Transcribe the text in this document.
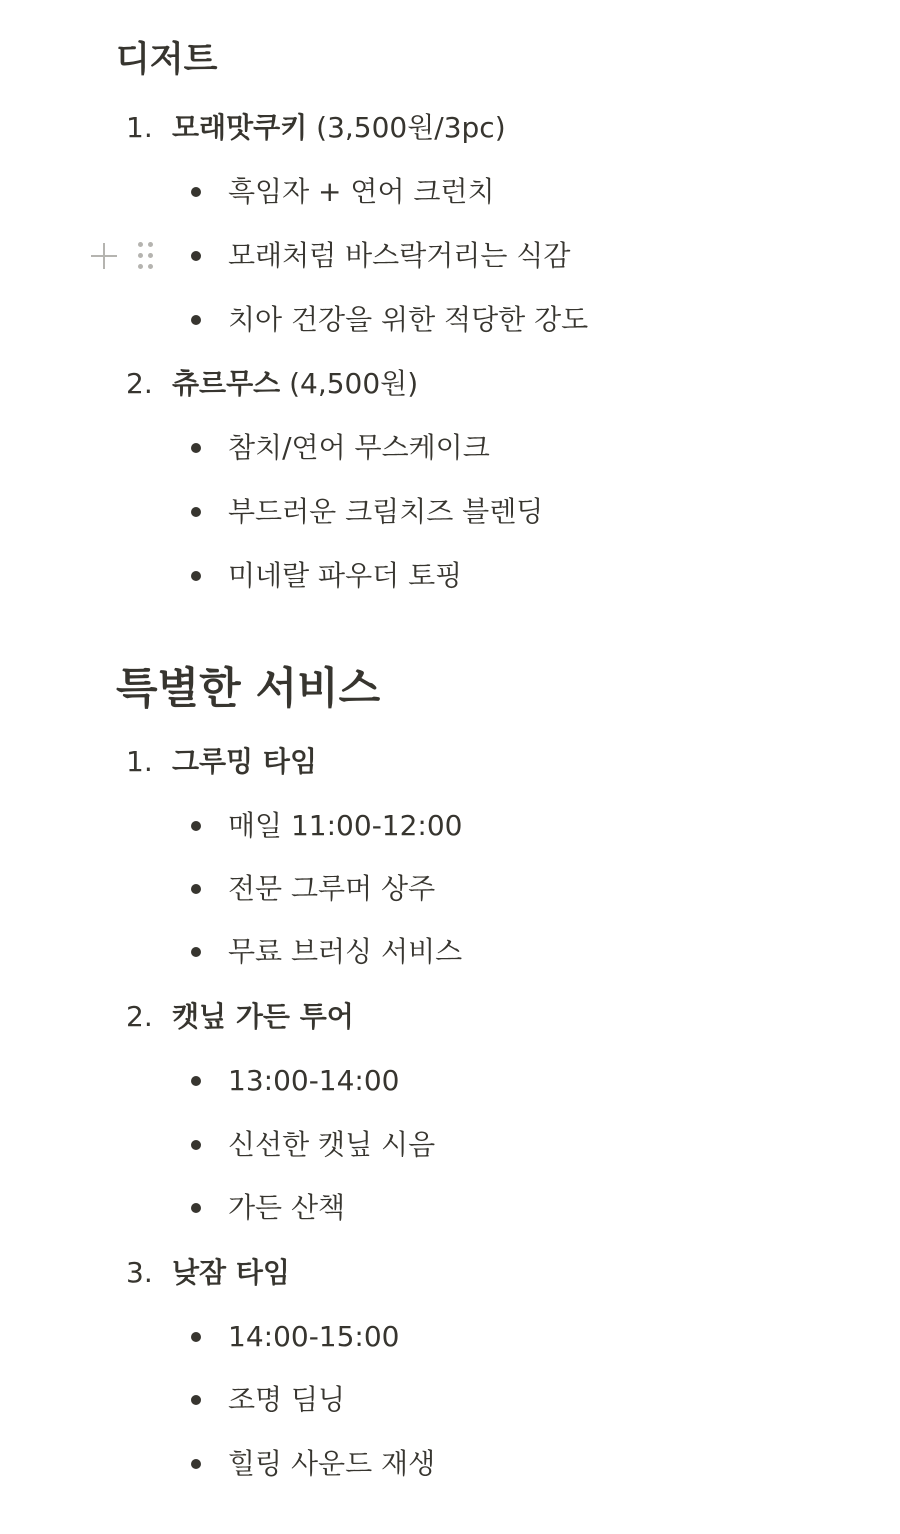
디저트
1. 모래맛쿠키 (3,500원/3pc)
흑임자 + 연어 크런치
모래처럼 바스락거리는 식감
치아 건강을 위한 적당한 강도
2. 츄르무스 (4,500원)
참치/연어 무스케이크
부드러운 크림치즈 블렌딩
미네랄 파우더 토핑
특별한 서비스
1. 그루밍 타임
매일 11:00-12:00
전문 그루머 상주
무료 브러싱 서비스
2. 캣닢 가든 투어
13:00-14:00
신선한 캣닢 시음
가든 산책
3. 낮잠 타임
14:00-15:00
조명 딤닝
힐링 사운드 재생
